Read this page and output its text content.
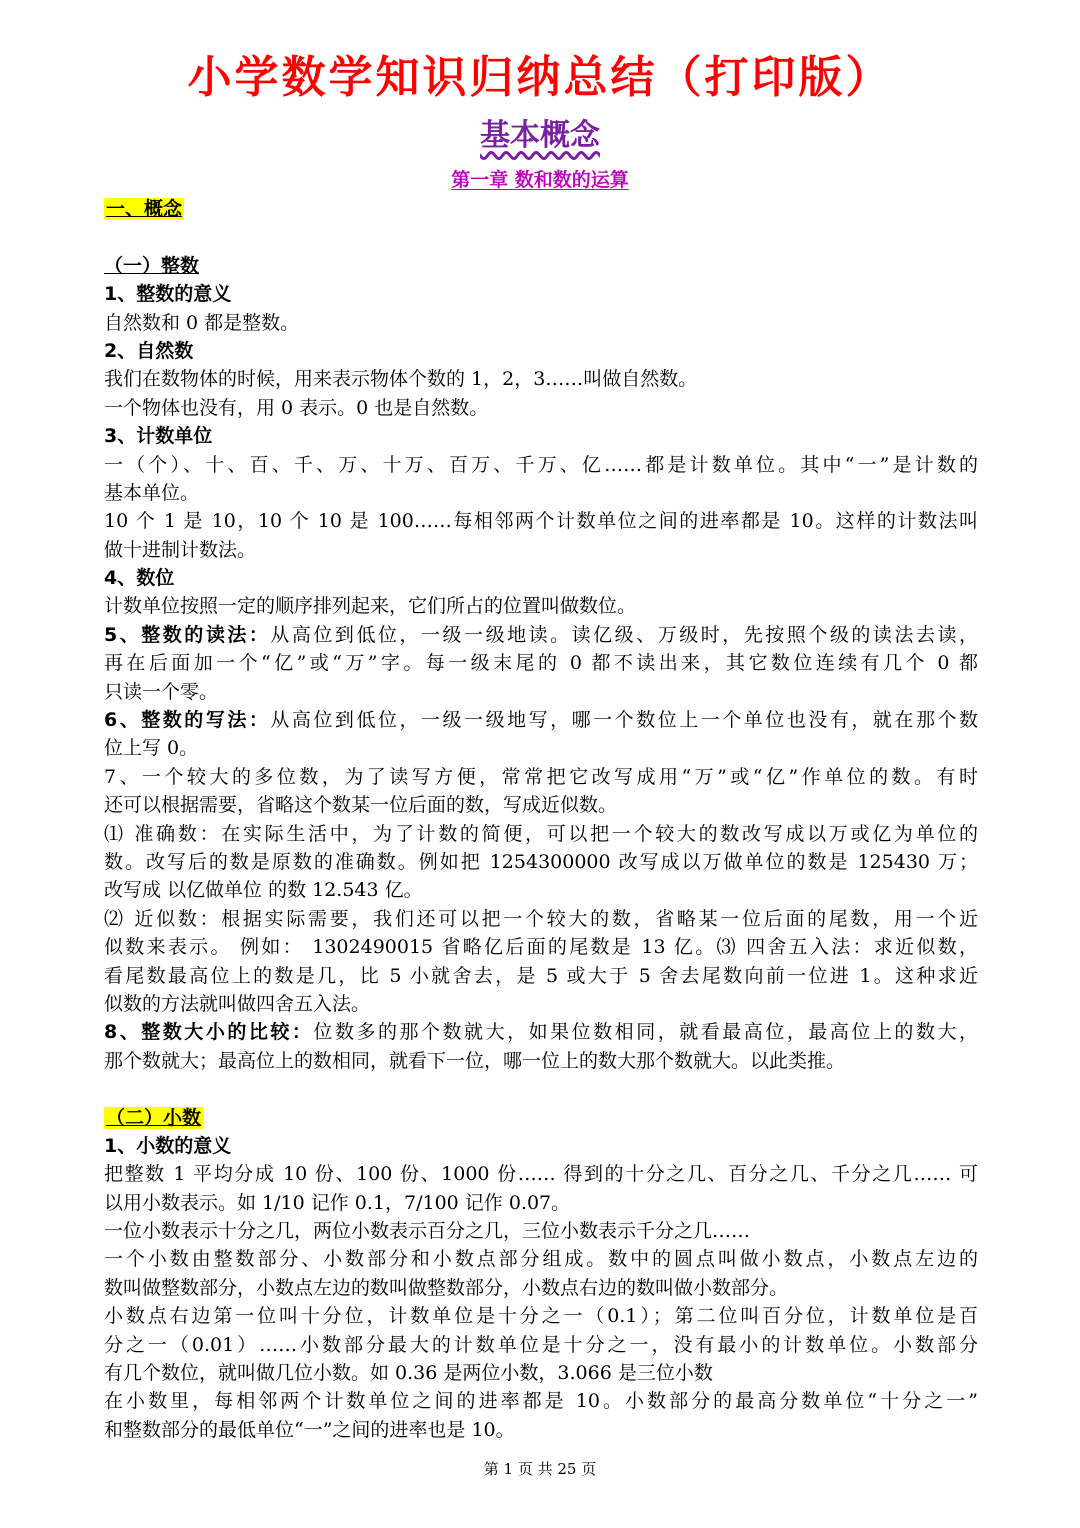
小学数学知识归纳总结（打印版）
基本概念
第一章 数和数的运算
一、概念
（一）整数
1、整数的意义
自然数和 0 都是整数。
2、自然数
我们在数物体的时候，用来表示物体个数的 1，2，3……叫做自然数。
一个物体也没有，用 0 表示。0 也是自然数。
3、计数单位
一（个）、十、百、千、万、十万、百万、千万、亿……都是计数单位。其中“一”是计数的
基本单位。
10 个 1 是 10，10 个 10 是 100……每相邻两个计数单位之间的进率都是 10。这样的计数法叫
做十进制计数法。
4、数位
计数单位按照一定的顺序排列起来，它们所占的位置叫做数位。
5、整数的读法：从高位到低位，一级一级地读。读亿级、万级时，先按照个级的读法去读，
再在后面加一个“亿”或“万”字。每一级末尾的 0 都不读出来，其它数位连续有几个 0 都
只读一个零。
6、整数的写法：从高位到低位，一级一级地写，哪一个数位上一个单位也没有，就在那个数
位上写 0。
7、一个较大的多位数，为了读写方便，常常把它改写成用“万”或“亿”作单位的数。有时
还可以根据需要，省略这个数某一位后面的数，写成近似数。
⑴ 准确数：在实际生活中，为了计数的简便，可以把一个较大的数改写成以万或亿为单位的
数。改写后的数是原数的准确数。例如把 1254300000 改写成以万做单位的数是 125430 万；
改写成 以亿做单位 的数 12.543 亿。
⑵ 近似数：根据实际需要，我们还可以把一个较大的数，省略某一位后面的尾数，用一个近
似数来表示。 例如： 1302490015 省略亿后面的尾数是 13 亿。⑶ 四舍五入法：求近似数，
看尾数最高位上的数是几，比 5 小就舍去，是 5 或大于 5 舍去尾数向前一位进 1。这种求近
似数的方法就叫做四舍五入法。
8、整数大小的比较：位数多的那个数就大，如果位数相同，就看最高位，最高位上的数大，
那个数就大；最高位上的数相同，就看下一位，哪一位上的数大那个数就大。以此类推。
（二）小数
1、小数的意义
把整数 1 平均分成 10 份、100 份、1000 份…… 得到的十分之几、百分之几、千分之几…… 可
以用小数表示。如 1/10 记作 0.1，7/100 记作 0.07。
一位小数表示十分之几，两位小数表示百分之几，三位小数表示千分之几……
一个小数由整数部分、小数部分和小数点部分组成。数中的圆点叫做小数点，小数点左边的
数叫做整数部分，小数点左边的数叫做整数部分，小数点右边的数叫做小数部分。
小数点右边第一位叫十分位，计数单位是十分之一（0.1）；第二位叫百分位，计数单位是百
分之一（0.01）……小数部分最大的计数单位是十分之一，没有最小的计数单位。小数部分
有几个数位，就叫做几位小数。如 0.36 是两位小数，3.066 是三位小数
在小数里，每相邻两个计数单位之间的进率都是 10。小数部分的最高分数单位“十分之一”
和整数部分的最低单位“一”之间的进率也是 10。
第 1 页 共 25 页
